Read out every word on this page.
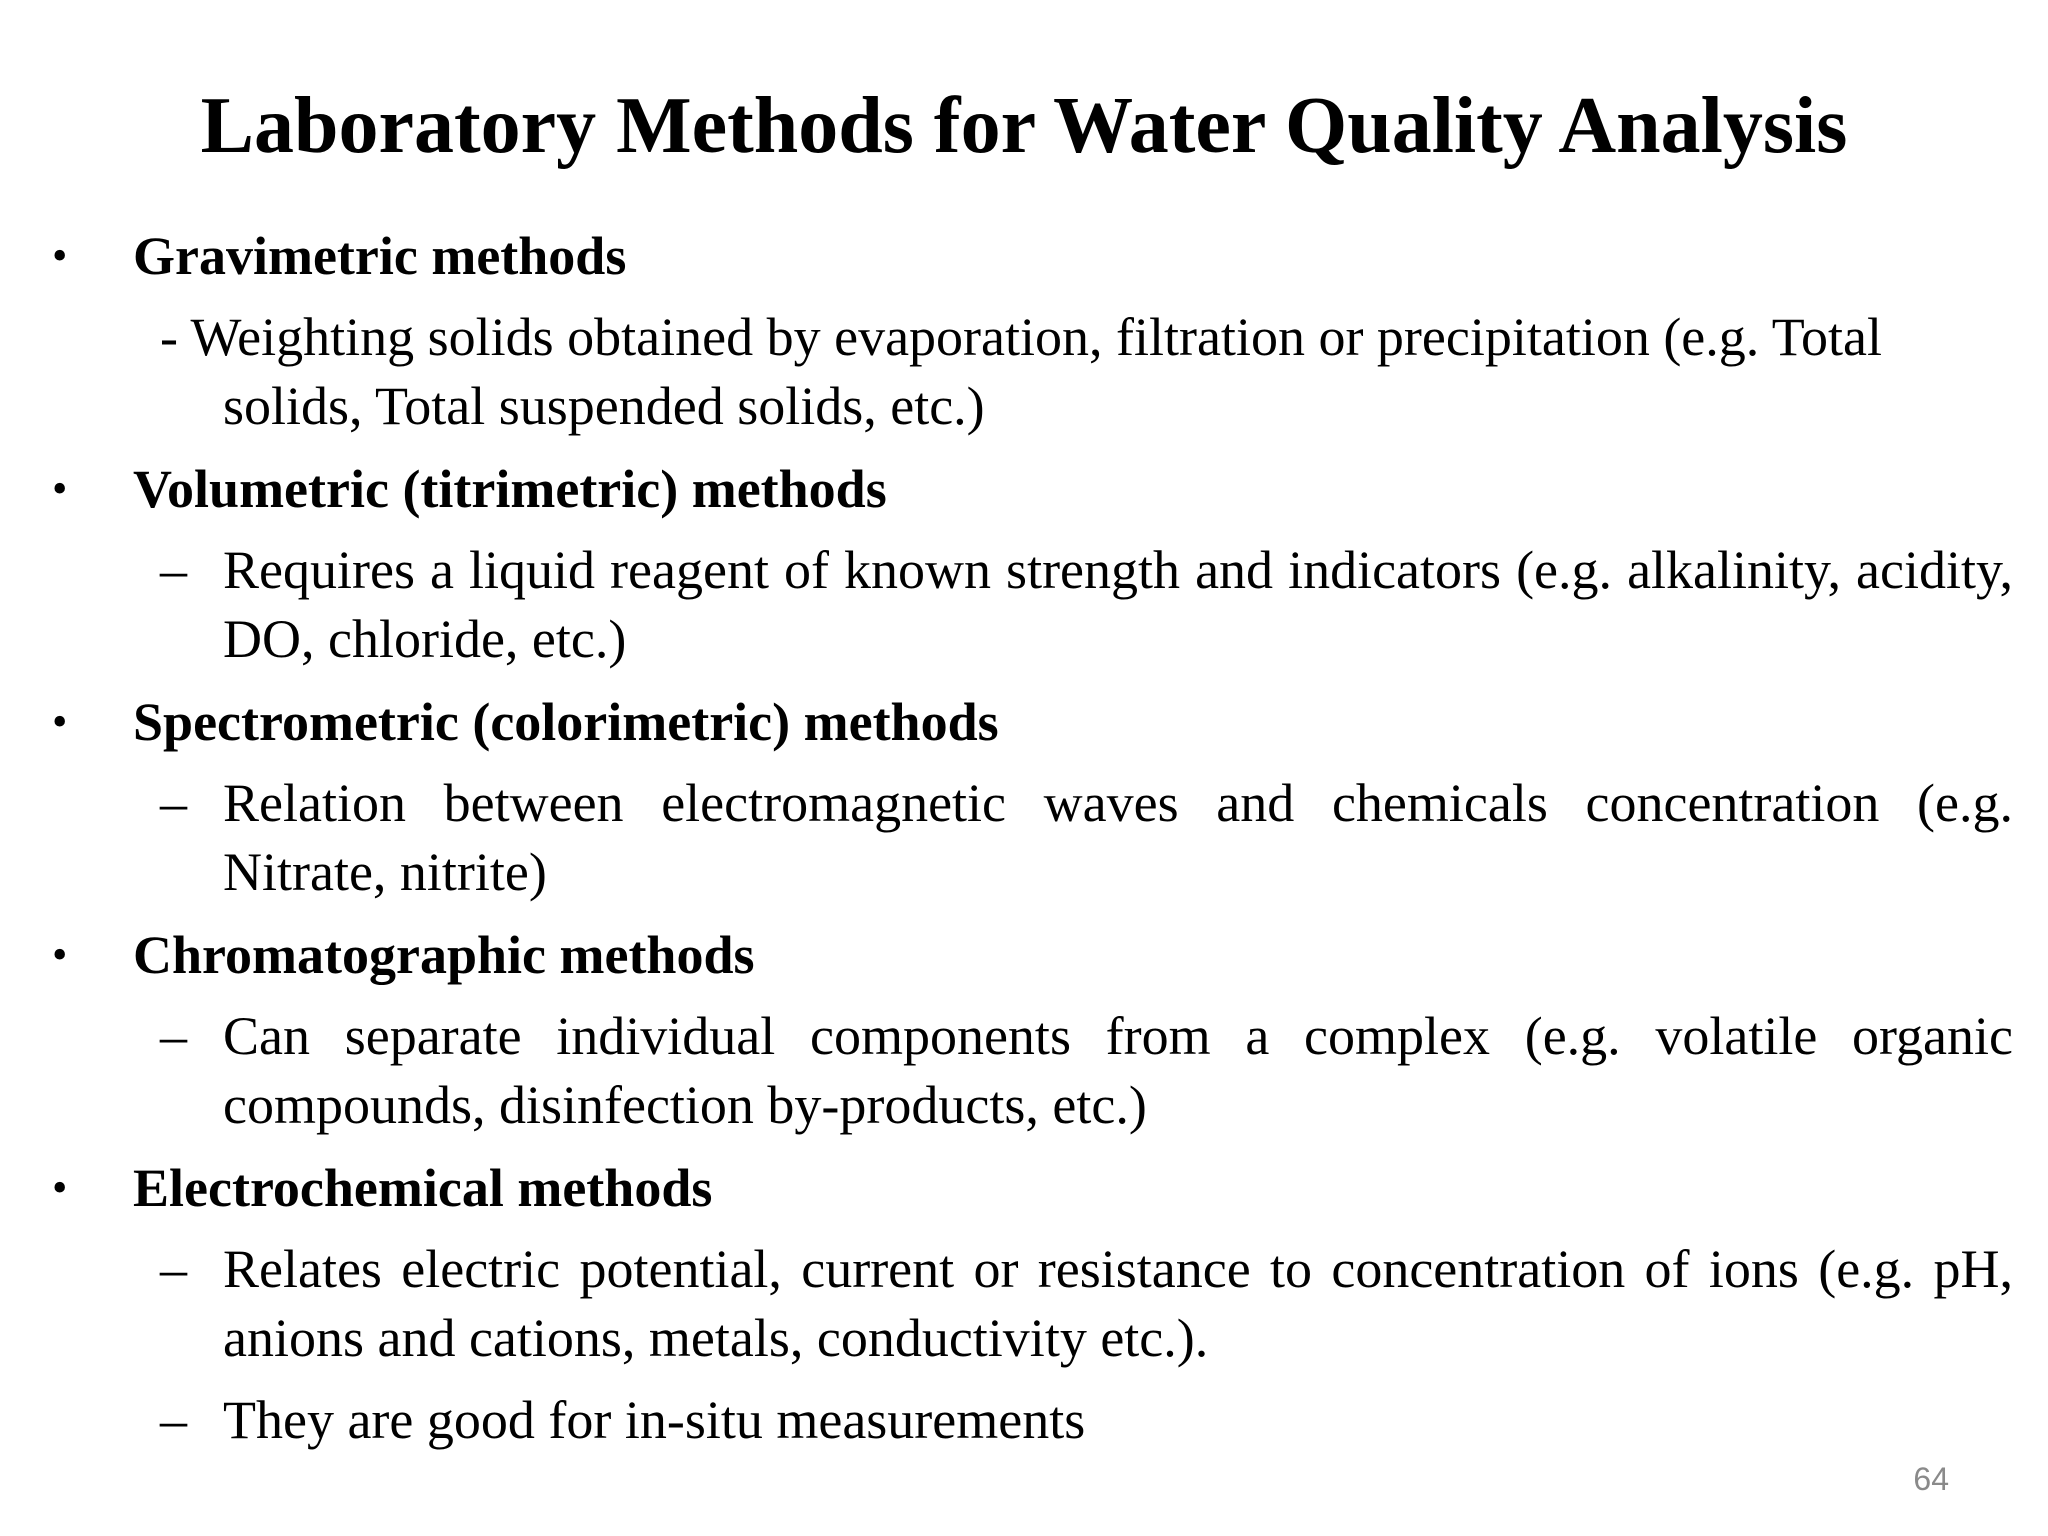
Laboratory Methods for Water Quality Analysis
• Gravimetric methods
- Weighting solids obtained by evaporation, filtration or precipitation (e.g. Total
solids, Total suspended solids, etc.)
• Volumetric (titrimetric) methods
– Requires a liquid reagent of known strength and indicators (e.g. alkalinity, acidity, DO, chloride, etc.)
• Spectrometric (colorimetric) methods
– Relation between electromagnetic waves and chemicals concentration (e.g. Nitrate, nitrite)
• Chromatographic methods
– Can separate individual components from a complex (e.g. volatile organic compounds, disinfection by-products, etc.)
• Electrochemical methods
– Relates electric potential, current or resistance to concentration of ions (e.g. pH, anions and cations, metals, conductivity etc.).
– They are good for in-situ measurements
64
